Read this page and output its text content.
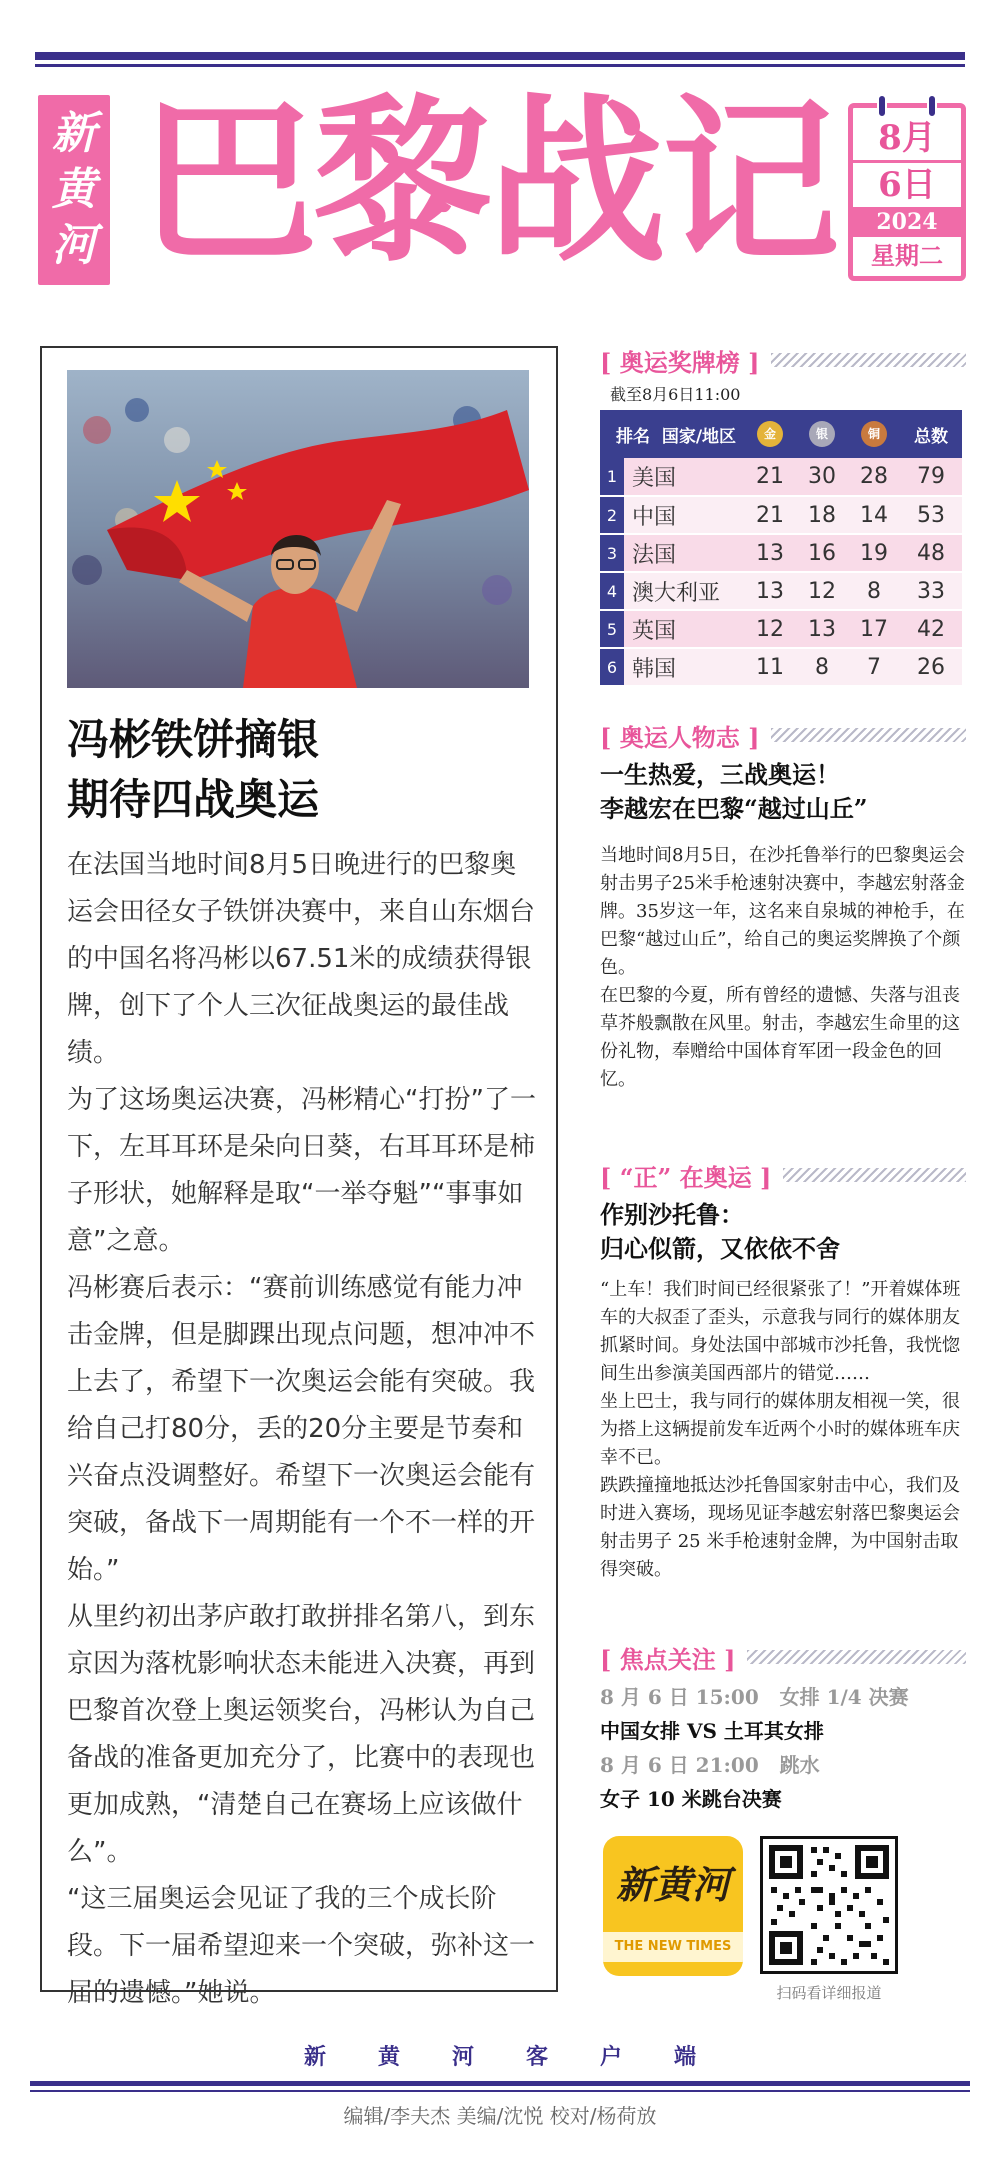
新
黄
河 巴黎战记	8月
6日
2024
星期二
冯彬铁饼摘银
期待四战奥运

在法国当地时间8月5日晚进行的巴黎奥运会田径女子铁饼决赛中，来自山东烟台的中国名将冯彬以67.51米的成绩获得银牌，创下了个人三次征战奥运的最佳战绩。

为了这场奥运决赛，冯彬精心“打扮”了一下，左耳耳环是朵向日葵，右耳耳环是柿子形状，她解释是取“一举夺魁”“事事如意”之意。

冯彬赛后表示：“赛前训练感觉有能力冲击金牌，但是脚踝出现点问题，想冲冲不上去了，希望下一次奥运会能有突破。我给自己打80分，丢的20分主要是节奏和兴奋点没调整好。希望下一次奥运会能有突破，备战下一周期能有一个不一样的开始。”

从里约初出茅庐敢打敢拼排名第八，到东京因为落枕影响状态未能进入决赛，再到巴黎首次登上奥运领奖台，冯彬认为自己备战的准备更加充分了，比赛中的表现也更加成熟，“清楚自己在赛场上应该做什么”。

“这三届奥运会见证了我的三个成长阶段。下一届希望迎来一个突破，弥补这一届的遗憾。”她说。

[ 奥运奖牌榜 ]
截至8月6日11:00
排名 国家/地区		金	银	铜	总数
1	美国	21	30	28	79
2	中国	21	18	14	53
3	法国	13	16	19	48
4	澳大利亚	13	12	8	33
5	英国	12	13	17	42
6	韩国	11	8	7	26
[ 奥运人物志 ]
一生热爱，三战奥运！
李越宏在巴黎“越过山丘”

当地时间8月5日，在沙托鲁举行的巴黎奥运会射击男子25米手枪速射决赛中，李越宏射落金牌。35岁这一年，这名来自泉城的神枪手，在巴黎“越过山丘”，给自己的奥运奖牌换了个颜色。

在巴黎的今夏，所有曾经的遗憾、失落与沮丧草芥般飘散在风里。射击，李越宏生命里的这份礼物，奉赠给中国体育军团一段金色的回忆。

[ “正” 在奥运 ]
作别沙托鲁：
归心似箭，又依依不舍

“上车！我们时间已经很紧张了！”开着媒体班车的大叔歪了歪头，示意我与同行的媒体朋友抓紧时间。身处法国中部城市沙托鲁，我恍惚间生出参演美国西部片的错觉……

坐上巴士，我与同行的媒体朋友相视一笑，很为搭上这辆提前发车近两个小时的媒体班车庆幸不已。

跌跌撞撞地抵达沙托鲁国家射击中心，我们及时进入赛场，现场见证李越宏射落巴黎奥运会射击男子 25 米手枪速射金牌，为中国射击取得突破。

[ 焦点关注 ]
8 月 6 日 15:00 女排 1/4 决赛
中国女排 VS 土耳其女排
8 月 6 日 21:00 跳水
女子 10 米跳台决赛
新黄河
THE NEW TIMES
扫码看详细报道
新黄河客户端
编辑/李夫杰 美编/沈悦 校对/杨荷放
